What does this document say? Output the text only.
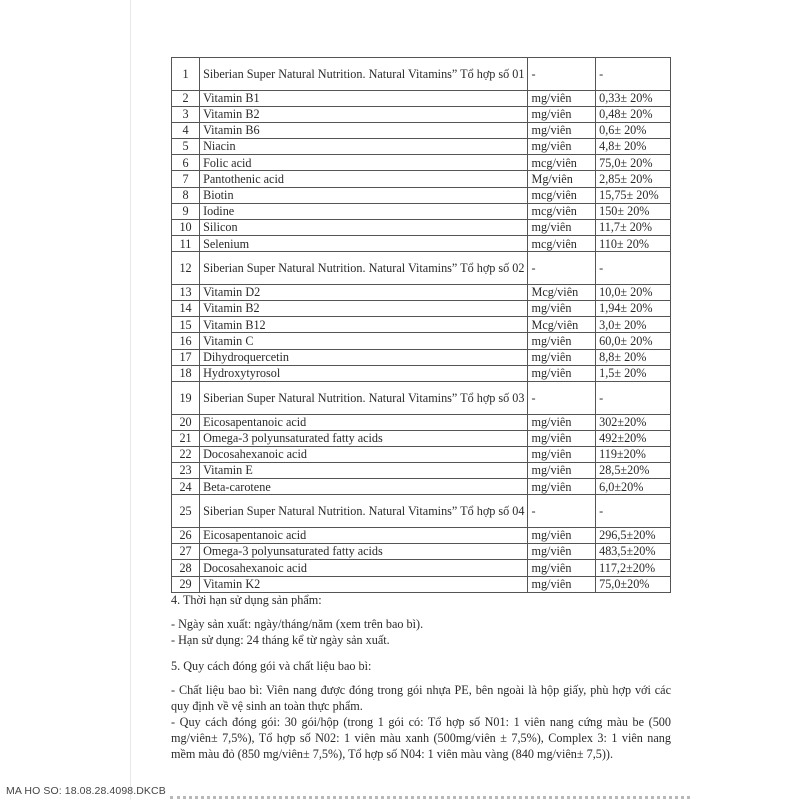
1	Siberian Super Natural Nutrition. Natural Vitamins” Tổ hợp số 01	-	-
2	Vitamin B1	mg/viên	0,33± 20%
3	Vitamin B2	mg/viên	0,48± 20%
4	Vitamin B6	mg/viên	0,6± 20%
5	Niacin	mg/viên	4,8± 20%
6	Folic acid	mcg/viên	75,0± 20%
7	Pantothenic acid	Mg/viên	2,85± 20%
8	Biotin	mcg/viên	15,75± 20%
9	Iodine	mcg/viên	150± 20%
10	Silicon	mg/viên	11,7± 20%
11	Selenium	mcg/viên	110± 20%
12	Siberian Super Natural Nutrition. Natural Vitamins” Tổ hợp số 02	-	-
13	Vitamin D2	Mcg/viên	10,0± 20%
14	Vitamin B2	mg/viên	1,94± 20%
15	Vitamin B12	Mcg/viên	3,0± 20%
16	Vitamin C	mg/viên	60,0± 20%
17	Dihydroquercetin	mg/viên	8,8± 20%
18	Hydroxytyrosol	mg/viên	1,5± 20%
19	Siberian Super Natural Nutrition. Natural Vitamins” Tổ hợp số 03	-	-
20	Eicosapentanoic acid	mg/viên	302±20%
21	Omega-3 polyunsaturated fatty acids	mg/viên	492±20%
22	Docosahexanoic acid	mg/viên	119±20%
23	Vitamin E	mg/viên	28,5±20%
24	Beta-carotene	mg/viên	6,0±20%
25	Siberian Super Natural Nutrition. Natural Vitamins” Tổ hợp số 04	-	-
26	Eicosapentanoic acid	mg/viên	296,5±20%
27	Omega-3 polyunsaturated fatty acids	mg/viên	483,5±20%
28	Docosahexanoic acid	mg/viên	117,2±20%
29	Vitamin K2	mg/viên	75,0±20%

4. Thời hạn sử dụng sản phẩm:

- Ngày sản xuất: ngày/tháng/năm (xem trên bao bì).

- Hạn sử dụng: 24 tháng kể từ ngày sản xuất.

5. Quy cách đóng gói và chất liệu bao bì:

- Chất liệu bao bì: Viên nang được đóng trong gói nhựa PE, bên ngoài là hộp giấy, phù hợp với các quy định về vệ sinh an toàn thực phẩm.

- Quy cách đóng gói: 30 gói/hộp (trong 1 gói có: Tổ hợp số N01: 1 viên nang cứng màu be (500 mg/viên± 7,5%), Tổ hợp số N02: 1 viên màu xanh (500mg/viên ± 7,5%), Complex 3: 1 viên nang mềm màu đỏ (850 mg/viên± 7,5%), Tổ hợp số N04: 1 viên màu vàng (840 mg/viên± 7,5)).

MA HO SO: 18.08.28.4098.DKCB
